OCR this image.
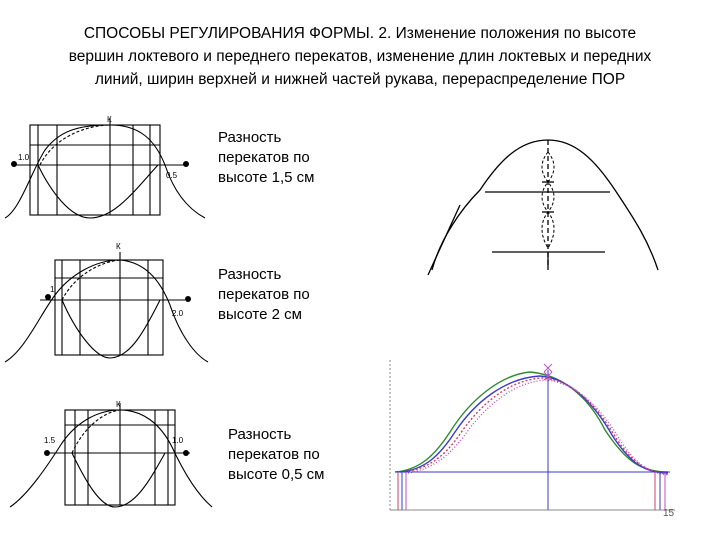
СПОСОБЫ РЕГУЛИРОВАНИЯ ФОРМЫ. 2. Изменение положения по высоте
вершин локтевого и переднего перекатов, изменение длин локтевых и передних
линий, ширин верхней и нижней частей рукава, перераспределение ПОР
К
1.0
0.5
К
1
2.0
К
1.5	1.0
Разность
перекатов по
высоте 1,5 см
Разность
перекатов по
высоте 2 см
Разность
перекатов по
высоте 0,5 см
15
